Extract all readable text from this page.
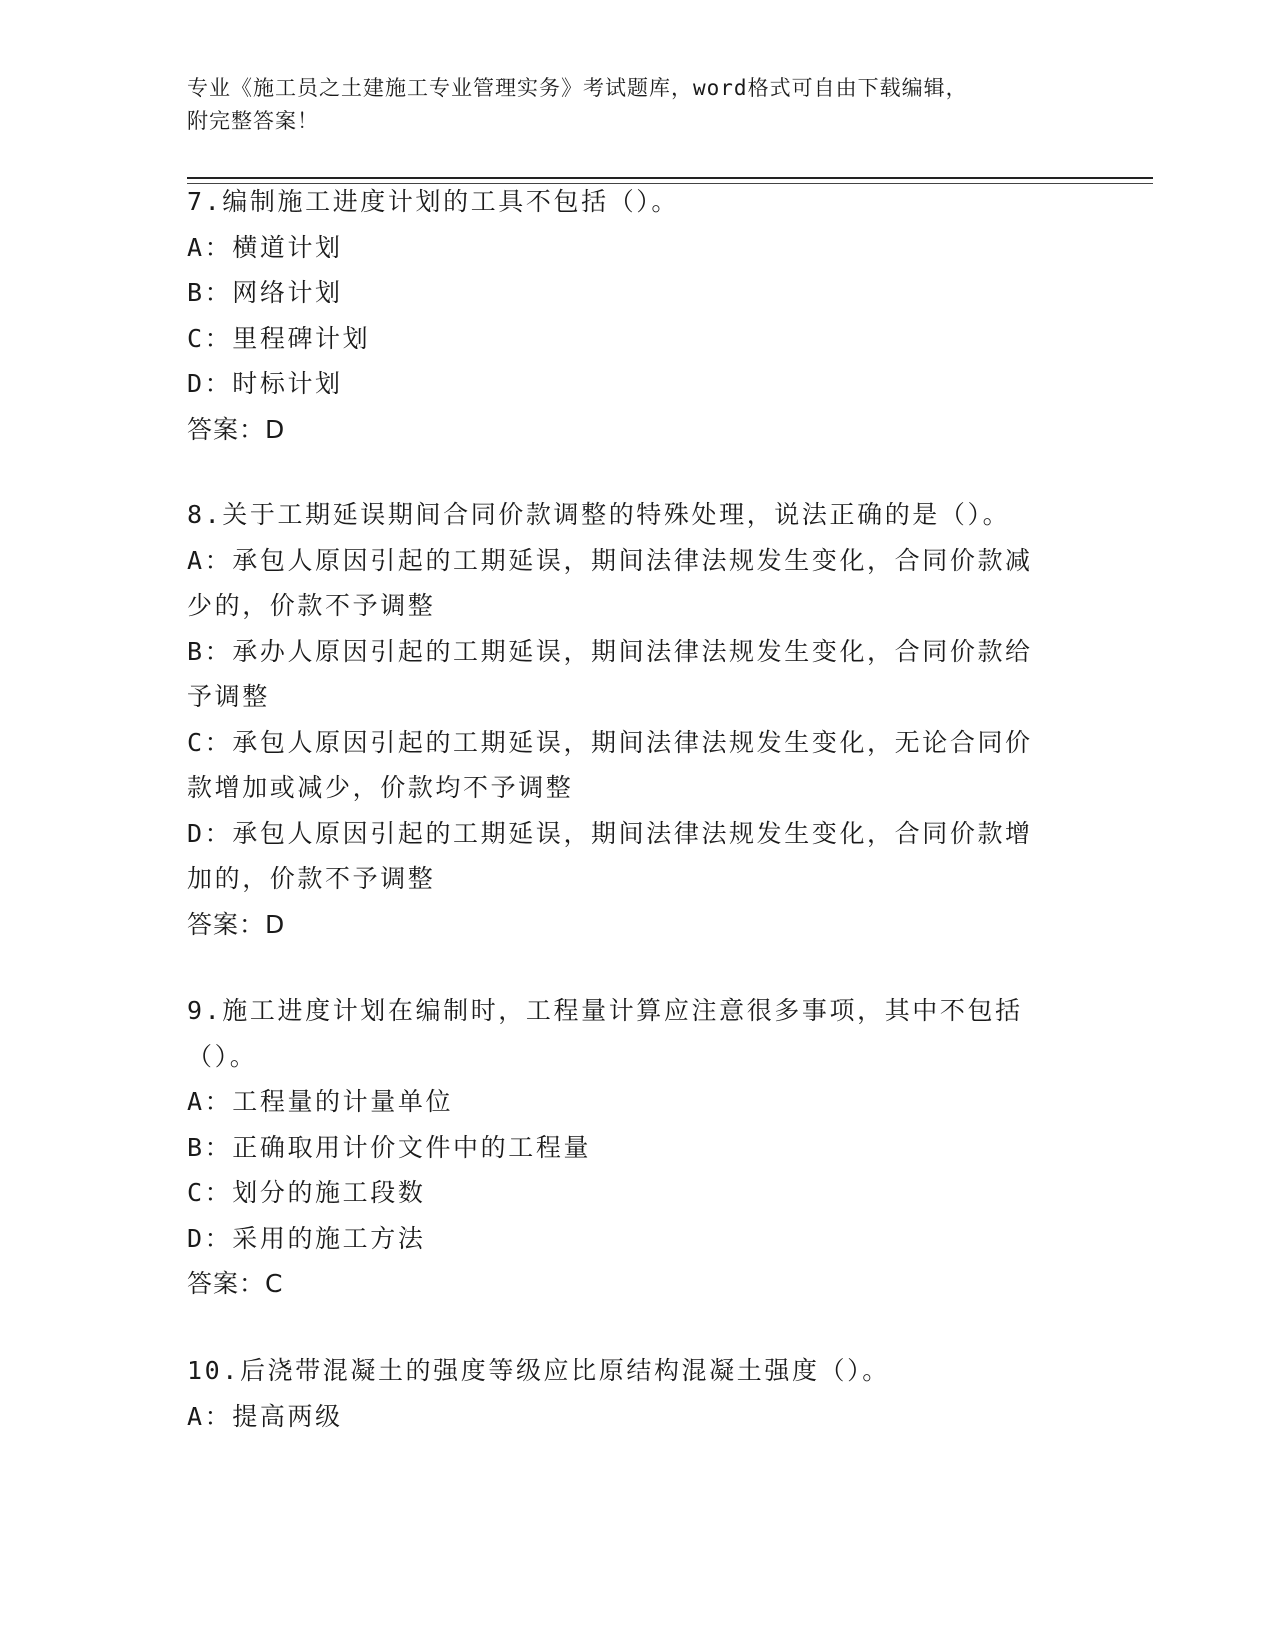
专业《施工员之土建施工专业管理实务》考试题库，word格式可自由下载编辑，
附完整答案！
7.编制施工进度计划的工具不包括（）。
A：横道计划
B：网络计划
C：里程碑计划
D：时标计划
答案：D
8.关于工期延误期间合同价款调整的特殊处理，说法正确的是（）。
A：承包人原因引起的工期延误，期间法律法规发生变化，合同价款减
少的，价款不予调整
B：承办人原因引起的工期延误，期间法律法规发生变化，合同价款给
予调整
C：承包人原因引起的工期延误，期间法律法规发生变化，无论合同价
款增加或减少，价款均不予调整
D：承包人原因引起的工期延误，期间法律法规发生变化，合同价款增
加的，价款不予调整
答案：D
9.施工进度计划在编制时，工程量计算应注意很多事项，其中不包括
（）。
A：工程量的计量单位
B：正确取用计价文件中的工程量
C：划分的施工段数
D：采用的施工方法
答案：C
10.后浇带混凝土的强度等级应比原结构混凝土强度（）。
A：提高两级
